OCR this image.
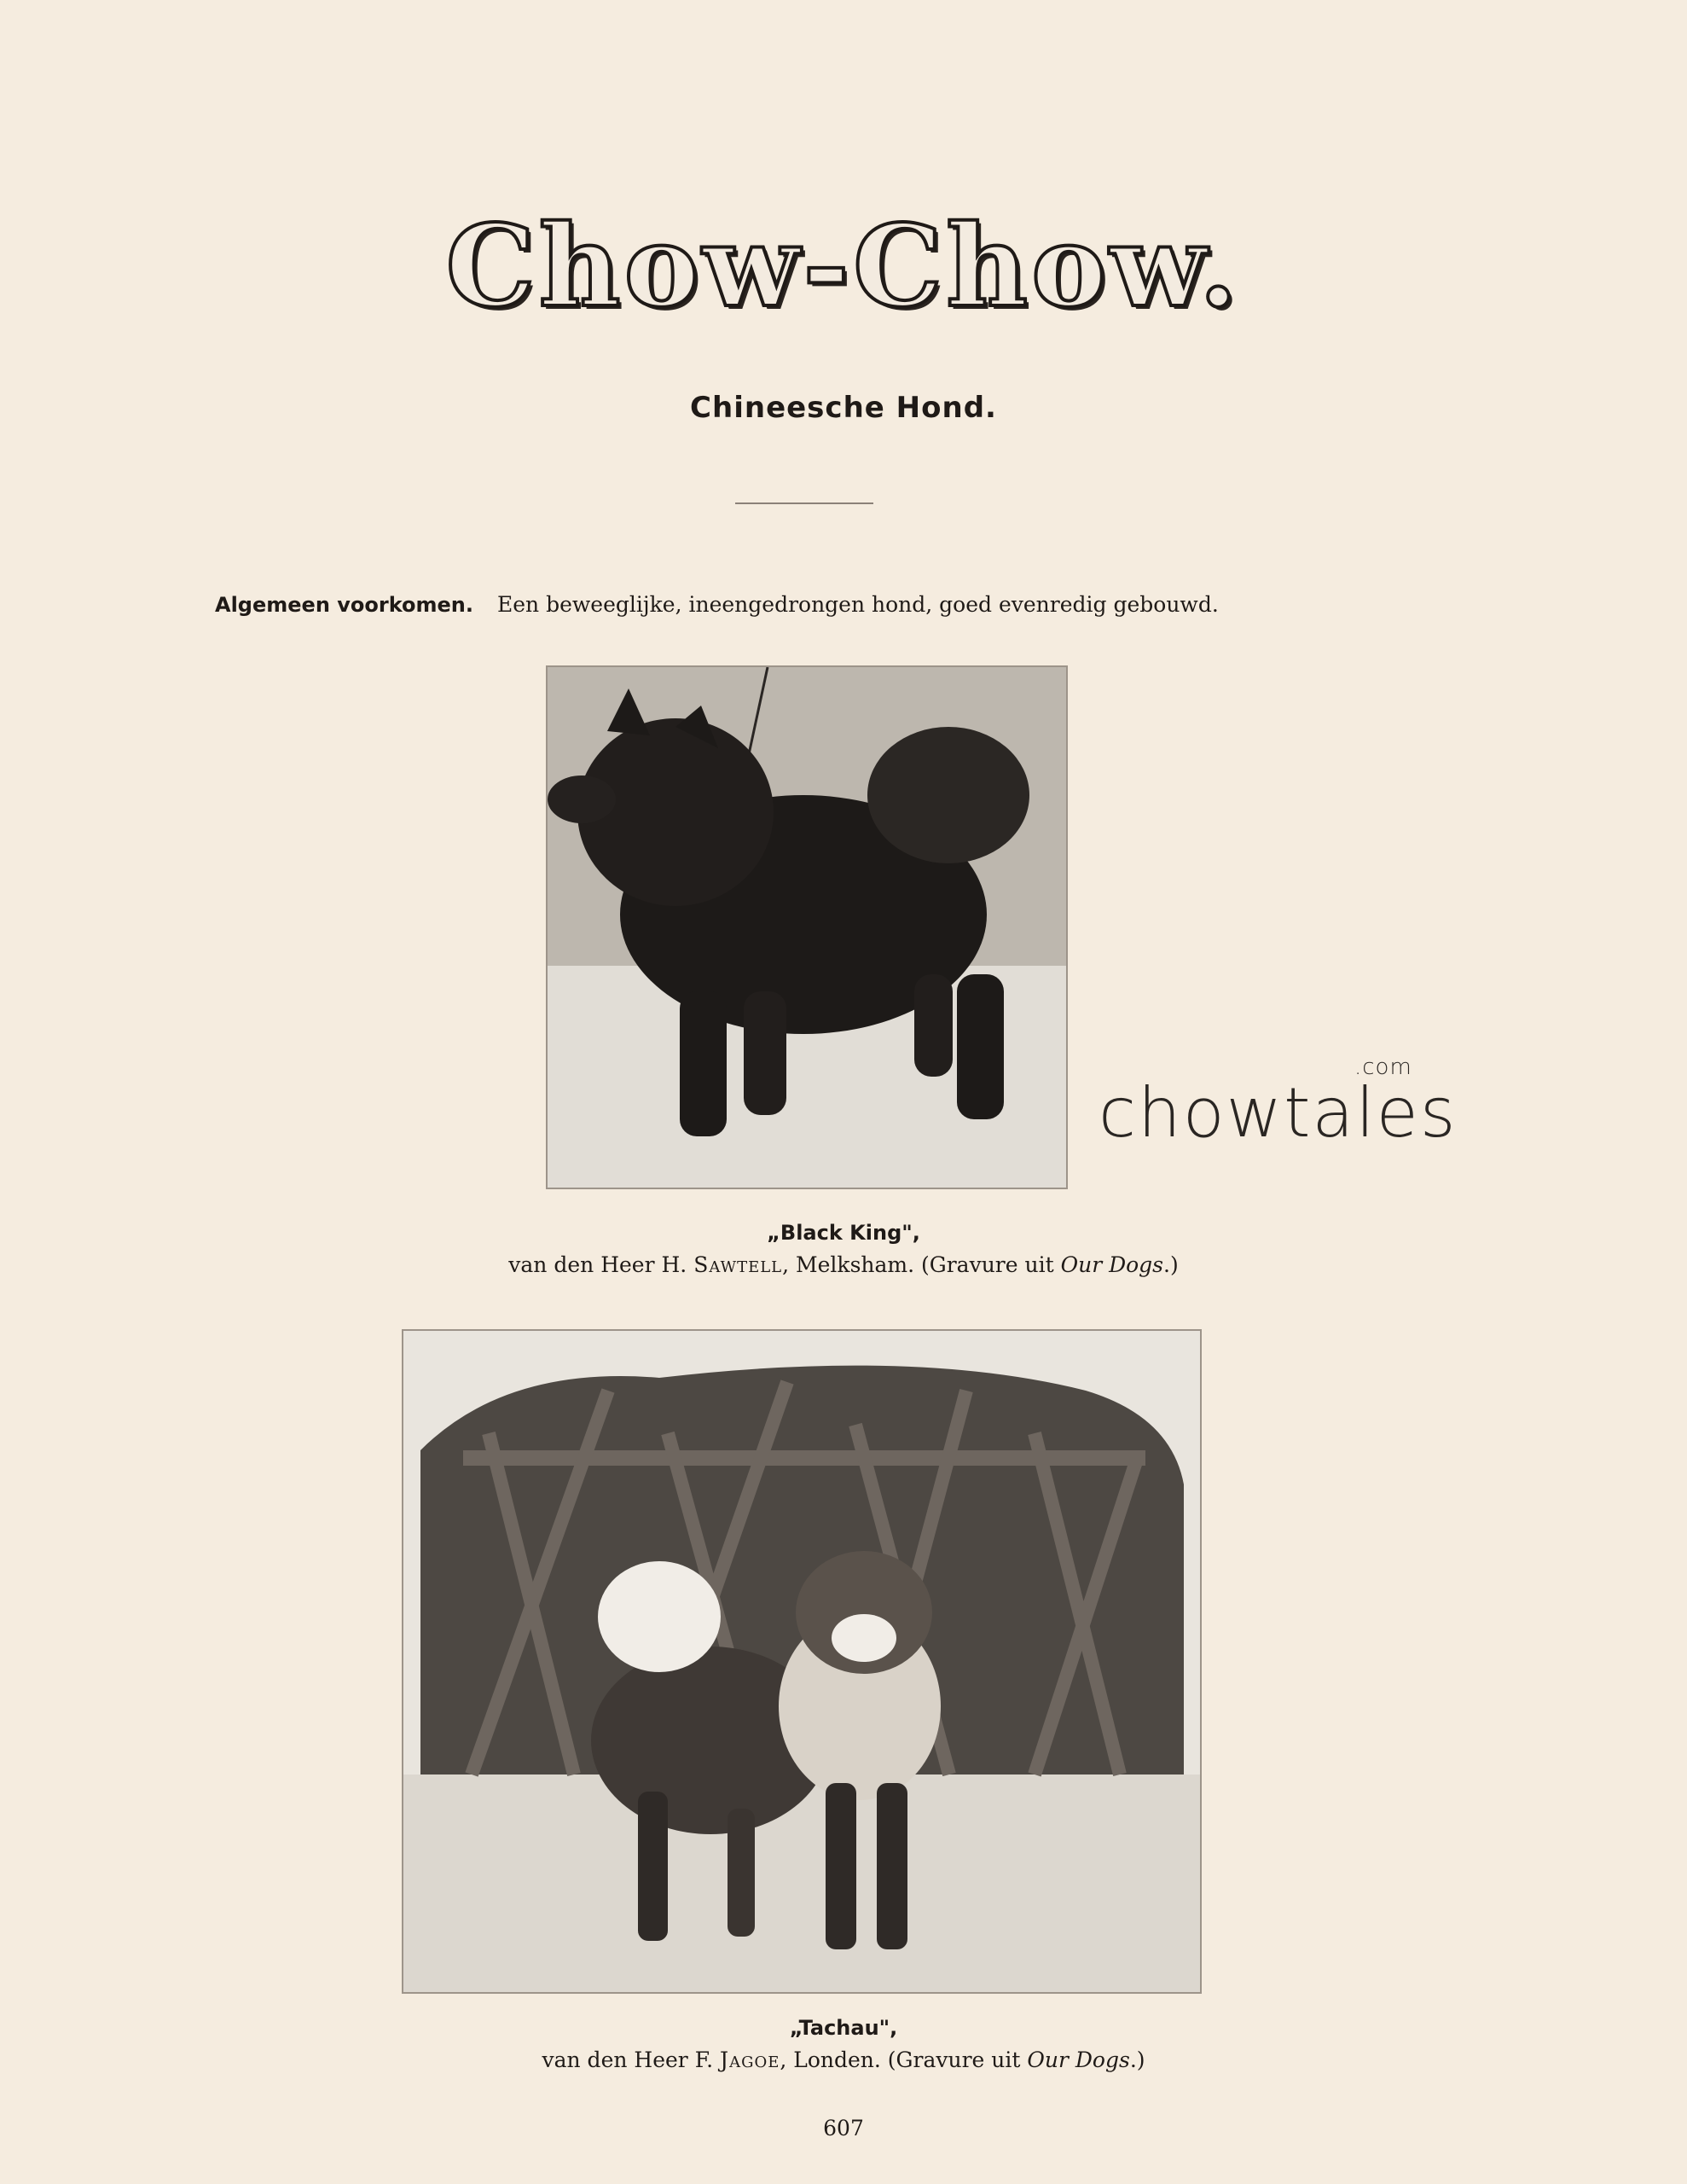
Chow-Chow.
Chineesche Hond.
Algemeen voorkomen. Een beweeglijke, ineengedrongen hond, goed evenredig gebouwd.
„Black King",
van den Heer H. Sawtell, Melksham. (Gravure uit Our Dogs.)
„Tachau",
van den Heer F. Jagoe, Londen. (Gravure uit Our Dogs.)
chowtales
.com
607
